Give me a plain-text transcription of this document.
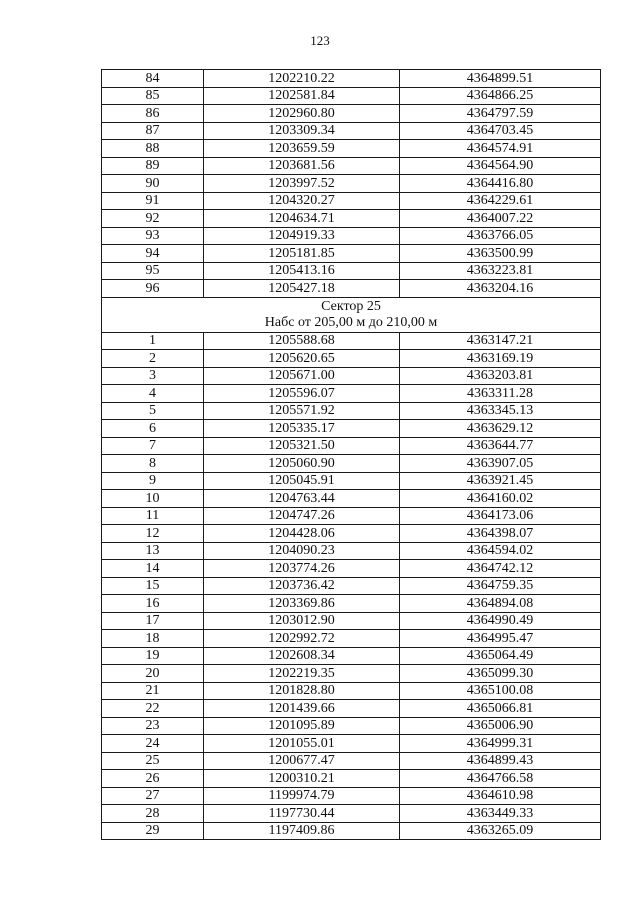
123
84	1202210.22	4364899.51
85	1202581.84	4364866.25
86	1202960.80	4364797.59
87	1203309.34	4364703.45
88	1203659.59	4364574.91
89	1203681.56	4364564.90
90	1203997.52	4364416.80
91	1204320.27	4364229.61
92	1204634.71	4364007.22
93	1204919.33	4363766.05
94	1205181.85	4363500.99
95	1205413.16	4363223.81
96	1205427.18	4363204.16

Сектор 25
Набс от 205,00 м до 210,00 м		

1	1205588.68	4363147.21
2	1205620.65	4363169.19
3	1205671.00	4363203.81
4	1205596.07	4363311.28
5	1205571.92	4363345.13
6	1205335.17	4363629.12
7	1205321.50	4363644.77
8	1205060.90	4363907.05
9	1205045.91	4363921.45
10	1204763.44	4364160.02
11	1204747.26	4364173.06
12	1204428.06	4364398.07
13	1204090.23	4364594.02
14	1203774.26	4364742.12
15	1203736.42	4364759.35
16	1203369.86	4364894.08
17	1203012.90	4364990.49
18	1202992.72	4364995.47
19	1202608.34	4365064.49
20	1202219.35	4365099.30
21	1201828.80	4365100.08
22	1201439.66	4365066.81
23	1201095.89	4365006.90
24	1201055.01	4364999.31
25	1200677.47	4364899.43
26	1200310.21	4364766.58
27	1199974.79	4364610.98
28	1197730.44	4363449.33
29	1197409.86	4363265.09
